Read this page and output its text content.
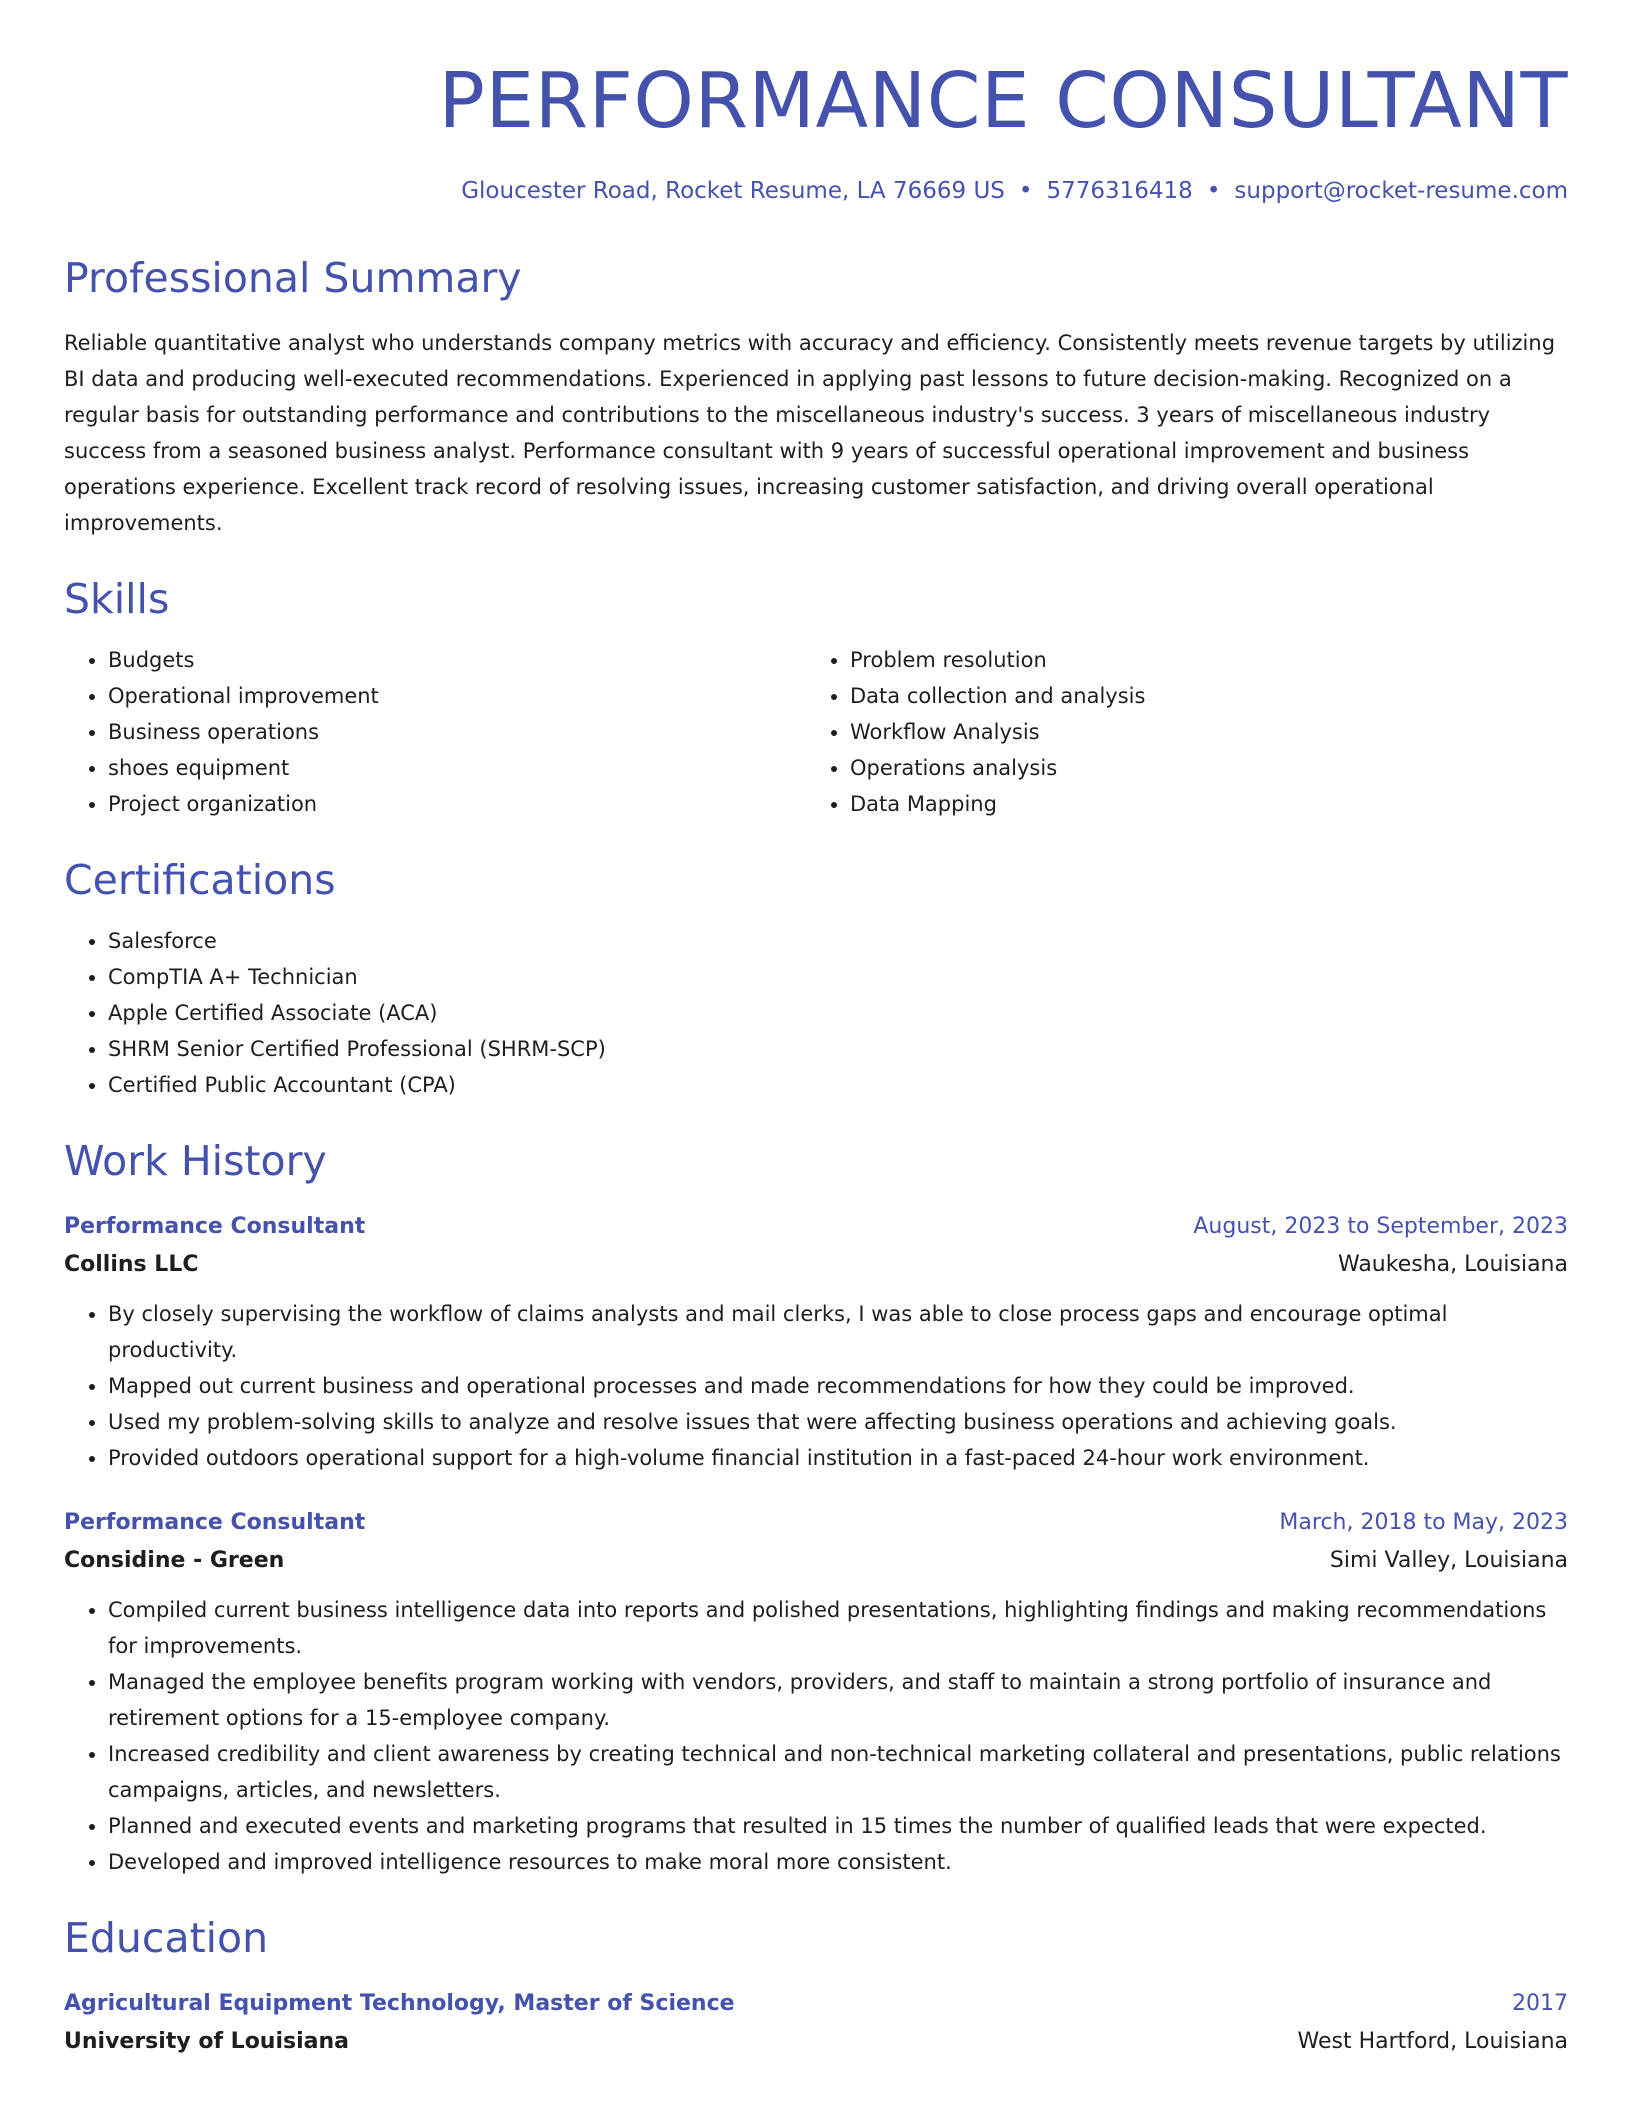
PERFORMANCE CONSULTANT
Gloucester Road, Rocket Resume, LA 76669 US • 5776316418 • support@rocket-resume.com
Professional Summary
Reliable quantitative analyst who understands company metrics with accuracy and efficiency. Consistently meets revenue targets by utilizing BI data and producing well-executed recommendations. Experienced in applying past lessons to future decision-making. Recognized on a regular basis for outstanding performance and contributions to the miscellaneous industry's success. 3 years of miscellaneous industry success from a seasoned business analyst. Performance consultant with 9 years of successful operational improvement and business operations experience. Excellent track record of resolving issues, increasing customer satisfaction, and driving overall operational improvements.
Skills
• Budgets
• Operational improvement
• Business operations
• shoes equipment
• Project organization
• Problem resolution
• Data collection and analysis
• Workflow Analysis
• Operations analysis
• Data Mapping
Certifications
• Salesforce
• CompTIA A+ Technician
• Apple Certified Associate (ACA)
• SHRM Senior Certified Professional (SHRM-SCP)
• Certified Public Accountant (CPA)
Work History
Performance Consultant	August, 2023 to September, 2023
Collins LLC	Waukesha, Louisiana
• By closely supervising the workflow of claims analysts and mail clerks, I was able to close process gaps and encourage optimal productivity.
• Mapped out current business and operational processes and made recommendations for how they could be improved.
• Used my problem-solving skills to analyze and resolve issues that were affecting business operations and achieving goals.
• Provided outdoors operational support for a high-volume financial institution in a fast-paced 24-hour work environment.
Performance Consultant	March, 2018 to May, 2023
Considine - Green	Simi Valley, Louisiana
• Compiled current business intelligence data into reports and polished presentations, highlighting findings and making recommendations for improvements.
• Managed the employee benefits program working with vendors, providers, and staff to maintain a strong portfolio of insurance and retirement options for a 15-employee company.
• Increased credibility and client awareness by creating technical and non-technical marketing collateral and presentations, public relations campaigns, articles, and newsletters.
• Planned and executed events and marketing programs that resulted in 15 times the number of qualified leads that were expected.
• Developed and improved intelligence resources to make moral more consistent.
Education
Agricultural Equipment Technology, Master of Science	2017
University of Louisiana	West Hartford, Louisiana
